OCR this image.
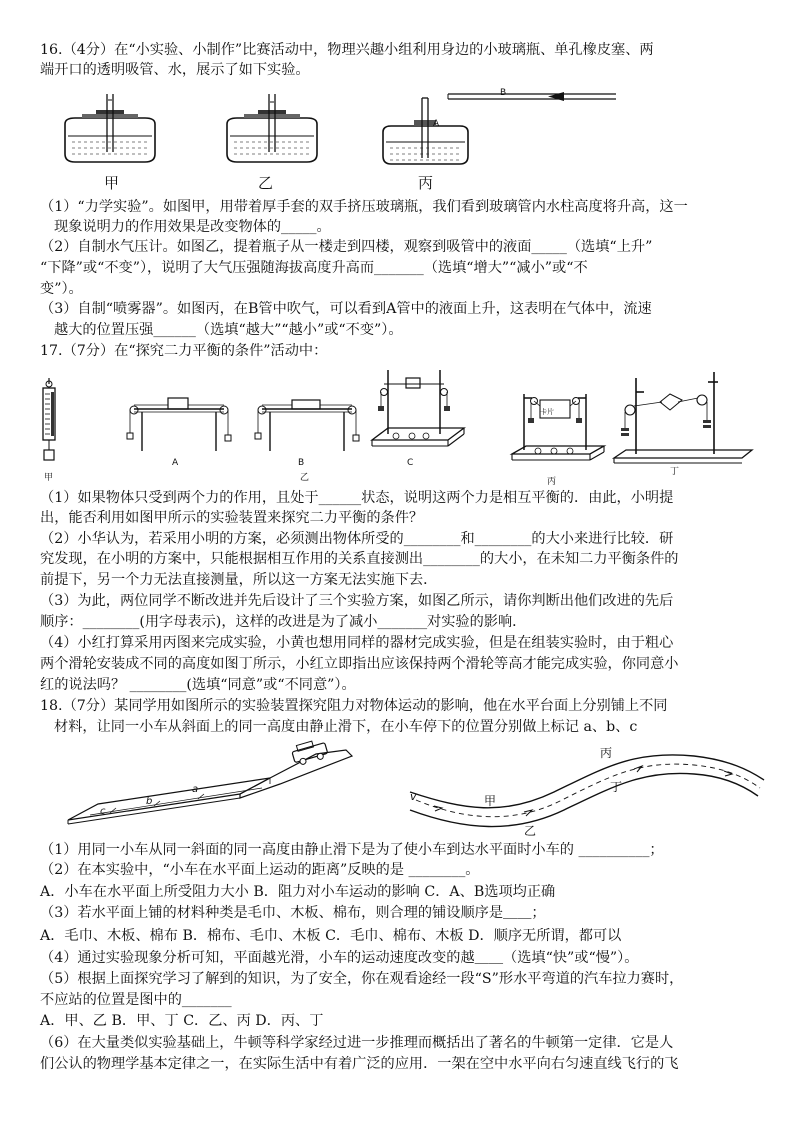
16.（4分）在“小实验、小制作”比赛活动中，物理兴趣小组利用身边的小玻璃瓶、单孔橡皮塞、两
端开口的透明吸管、水，展示了如下实验。
甲	乙
A
B
丙
（1）“力学实验”。如图甲，用带着厚手套的双手挤压玻璃瓶，我们看到玻璃管内水柱高度将升高，这一
现象说明力的作用效果是改变物体的_____。
（2）自制水气压计。如图乙，提着瓶子从一楼走到四楼，观察到吸管中的液面_____（选填“上升”
“下降”或“不变”），说明了大气压强随海拔高度升高而_______（选填“增大”“减小”或“不
变”）。
（3）自制“喷雾器”。如图丙，在B管中吹气，可以看到A管中的液面上升，这表明在气体中，流速
越大的位置压强______（选填“越大”“越小”或“不变”）。
17.（7分）在“探究二力平衡的条件”活动中：
甲
A	B
乙
C
卡片
丙
丁
（1）如果物体只受到两个力的作用，且处于______状态，说明这两个力是相互平衡的．由此，小明提
出，能否利用如图甲所示的实验装置来探究二力平衡的条件？
（2）小华认为，若采用小明的方案，必须测出物体所受的________和________的大小来进行比较．研
究发现，在小明的方案中，只能根据相互作用的关系直接测出________的大小，在未知二力平衡条件的
前提下，另一个力无法直接测量，所以这一方案无法实施下去．
（3）为此，两位同学不断改进并先后设计了三个实验方案，如图乙所示，请你判断出他们改进的先后
顺序：________(用字母表示)，这样的改进是为了减小_______对实验的影响．
（4）小红打算采用丙图来完成实验，小黄也想用同样的器材完成实验，但是在组装实验时，由于粗心
两个滑轮安装成不同的高度如图丁所示，小红立即指出应该保持两个滑轮等高才能完成实验，你同意小
红的说法吗？ ________(选填“同意”或“不同意”）。
18.（7分）某同学用如图所示的实验装置探究阻力对物体运动的影响，他在水平台面上分别铺上不同
材料，让同一小车从斜面上的同一高度由静止滑下，在小车停下的位置分别做上标记 a、b、c
c
b
a
v	甲
乙
丙
丁
（1）用同一小车从同一斜面的同一高度由静止滑下是为了使小车到达水平面时小车的 __________；
（2）在本实验中，“小车在水平面上运动的距离”反映的是 ________。
A．小车在水平面上所受阻力大小 B．阻力对小车运动的影响 C．A、B选项均正确
（3）若水平面上铺的材料种类是毛巾、木板、棉布，则合理的铺设顺序是＿＿；
A．毛巾、木板、棉布 B．棉布、毛巾、木板 C．毛巾、棉布、木板 D．顺序无所谓，都可以
（4）通过实验现象分析可知，平面越光滑，小车的运动速度改变的越＿＿（选填“快”或“慢”）。
（5）根据上面探究学习了解到的知识，为了安全，你在观看途经一段“S”形水平弯道的汽车拉力赛时，
不应站的位置是图中的_______
A．甲、乙 B．甲、丁 C．乙、丙 D．丙、丁
（6）在大量类似实验基础上，牛顿等科学家经过进一步推理而概括出了著名的牛顿第一定律．它是人
们公认的物理学基本定律之一，在实际生活中有着广泛的应用．一架在空中水平向右匀速直线飞行的飞
